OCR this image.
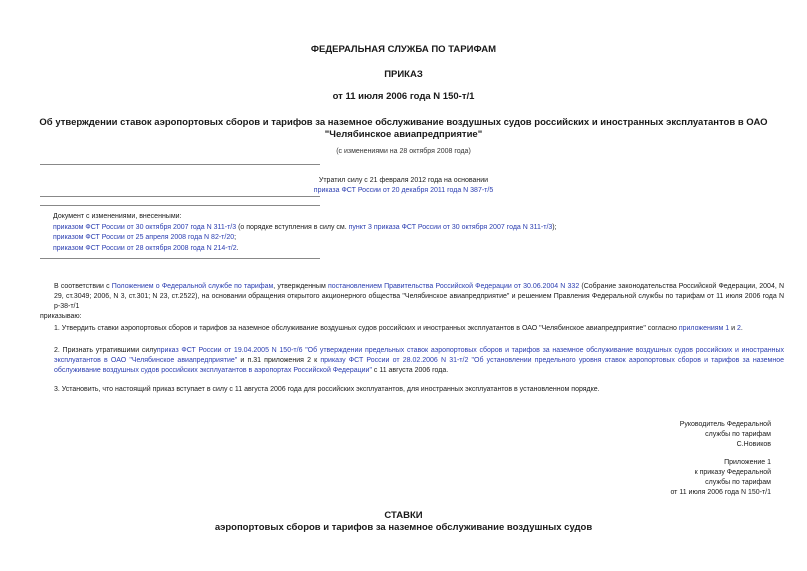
ФЕДЕРАЛЬНАЯ СЛУЖБА ПО ТАРИФАМ
ПРИКАЗ
от 11 июля 2006 года N 150-т/1
Об утверждении ставок аэропортовых сборов и тарифов за наземное обслуживание воздушных судов российских и иностранных эксплуатантов в ОАО
"Челябинское авиапредприятие"
(с изменениями на 28 октября 2008 года)
Утратил силу с 21 февраля 2012 года на основании
приказа ФСТ России от 20 декабря 2011 года N 387-т/5
Документ с изменениями, внесенными:
приказом ФСТ России от 30 октября 2007 года N 311-т/3 (о порядке вступления в силу см. пункт 3 приказа ФСТ России от 30 октября 2007 года N 311-т/3);
приказом ФСТ России от 25 апреля 2008 года N 82-т/20;
приказом ФСТ России от 28 октября 2008 года N 214-т/2.
В соответствии с Положением о Федеральной службе по тарифам, утвержденным постановлением Правительства Российской Федерации от 30.06.2004 N 332 (Собрание законодательства Российской Федерации, 2004, N 29, ст.3049; 2006, N 3, ст.301; N 23, ст.2522), на основании обращения открытого акционерного общества "Челябинское авиапредприятие" и решением Правления Федеральной службы по тарифам от 11 июля 2006 года N р-38-т/1
приказываю:
1. Утвердить ставки аэропортовых сборов и тарифов за наземное обслуживание воздушных судов российских и иностранных эксплуатантов в ОАО "Челябинское авиапредприятие" согласно приложениям 1 и 2.
2. Признать утратившими силуприказ ФСТ России от 19.04.2005 N 150-т/6 "Об утверждении предельных ставок аэропортовых сборов и тарифов за наземное обслуживание воздушных судов российских и иностранных эксплуатантов в ОАО "Челябинское авиапредприятие" и п.31 приложения 2 к приказу ФСТ России от 28.02.2006 N 31-т/2 "Об установлении предельного уровня ставок аэропортовых сборов и тарифов за наземное обслуживание воздушных судов российских эксплуатантов в аэропортах Российской Федерации" с 11 августа 2006 года.
3. Установить, что настоящий приказ вступает в силу с 11 августа 2006 года для российских эксплуатантов, для иностранных эксплуатантов в установленном порядке.
Руководитель Федеральной
службы по тарифам
С.Новиков
Приложение 1
к приказу Федеральной
службы по тарифам
от 11 июля 2006 года N 150-т/1
СТАВКИ
аэропортовых сборов и тарифов за наземное обслуживание воздушных судов
